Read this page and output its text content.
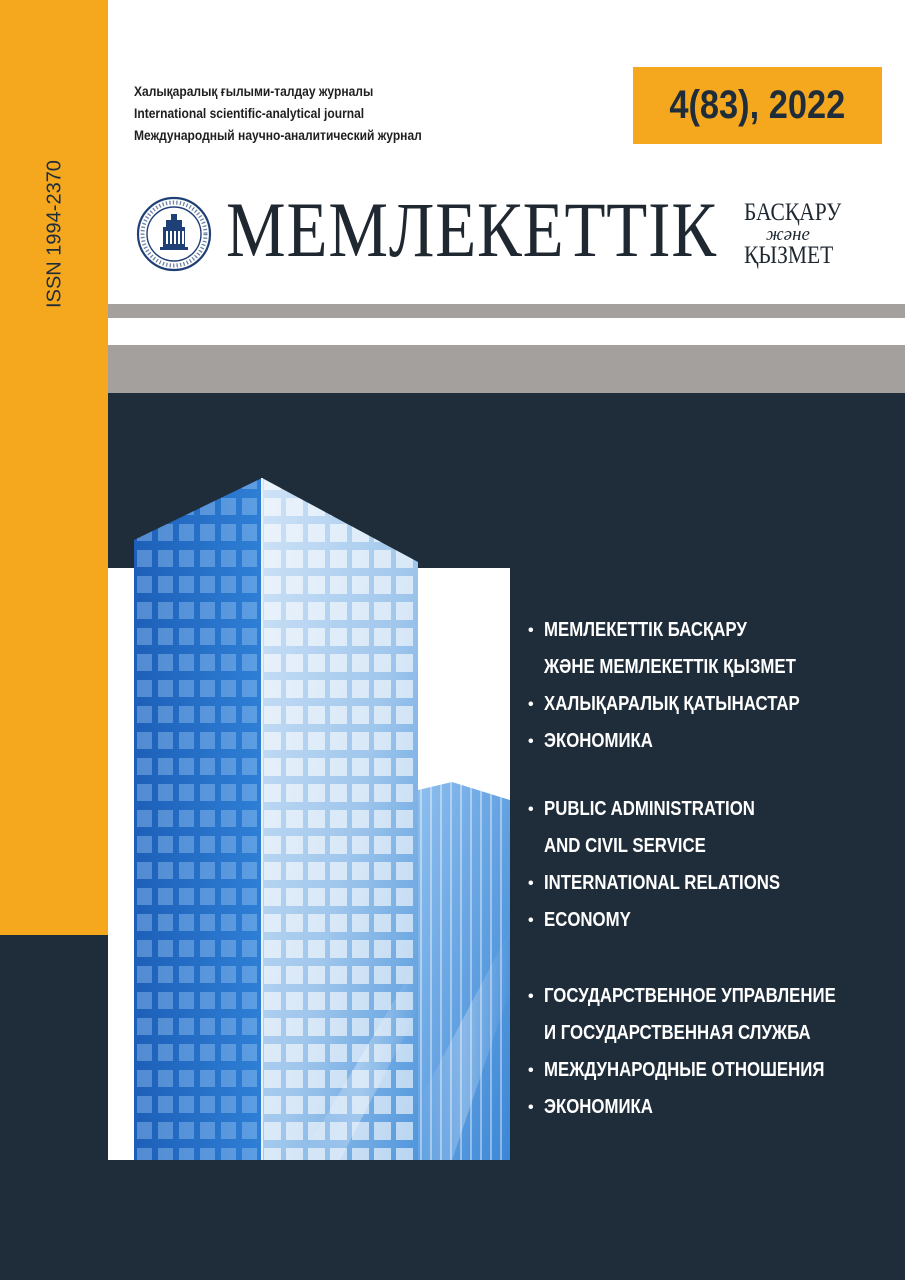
ISSN 1994-2370
Халықаралық ғылыми-талдау журналы
International scientific-analytical journal
Международный научно-аналитический журнал
4(83), 2022
МЕМЛЕКЕТТІК БАСҚАРУ
және
ҚЫЗМЕТ
• МЕМЛЕКЕТТІК БАСҚАРУ
ЖӘНЕ МЕМЛЕКЕТТІК ҚЫЗМЕТ
• ХАЛЫҚАРАЛЫҚ ҚАТЫНАСТАР
• ЭКОНОМИКА
• PUBLIC ADMINISTRATION
AND CIVIL SERVICE
• INTERNATIONAL RELATIONS
• ECONOMY
• ГОСУДАРСТВЕННОЕ УПРАВЛЕНИЕ
И ГОСУДАРСТВЕННАЯ СЛУЖБА
• МЕЖДУНАРОДНЫЕ ОТНОШЕНИЯ
• ЭКОНОМИКА
